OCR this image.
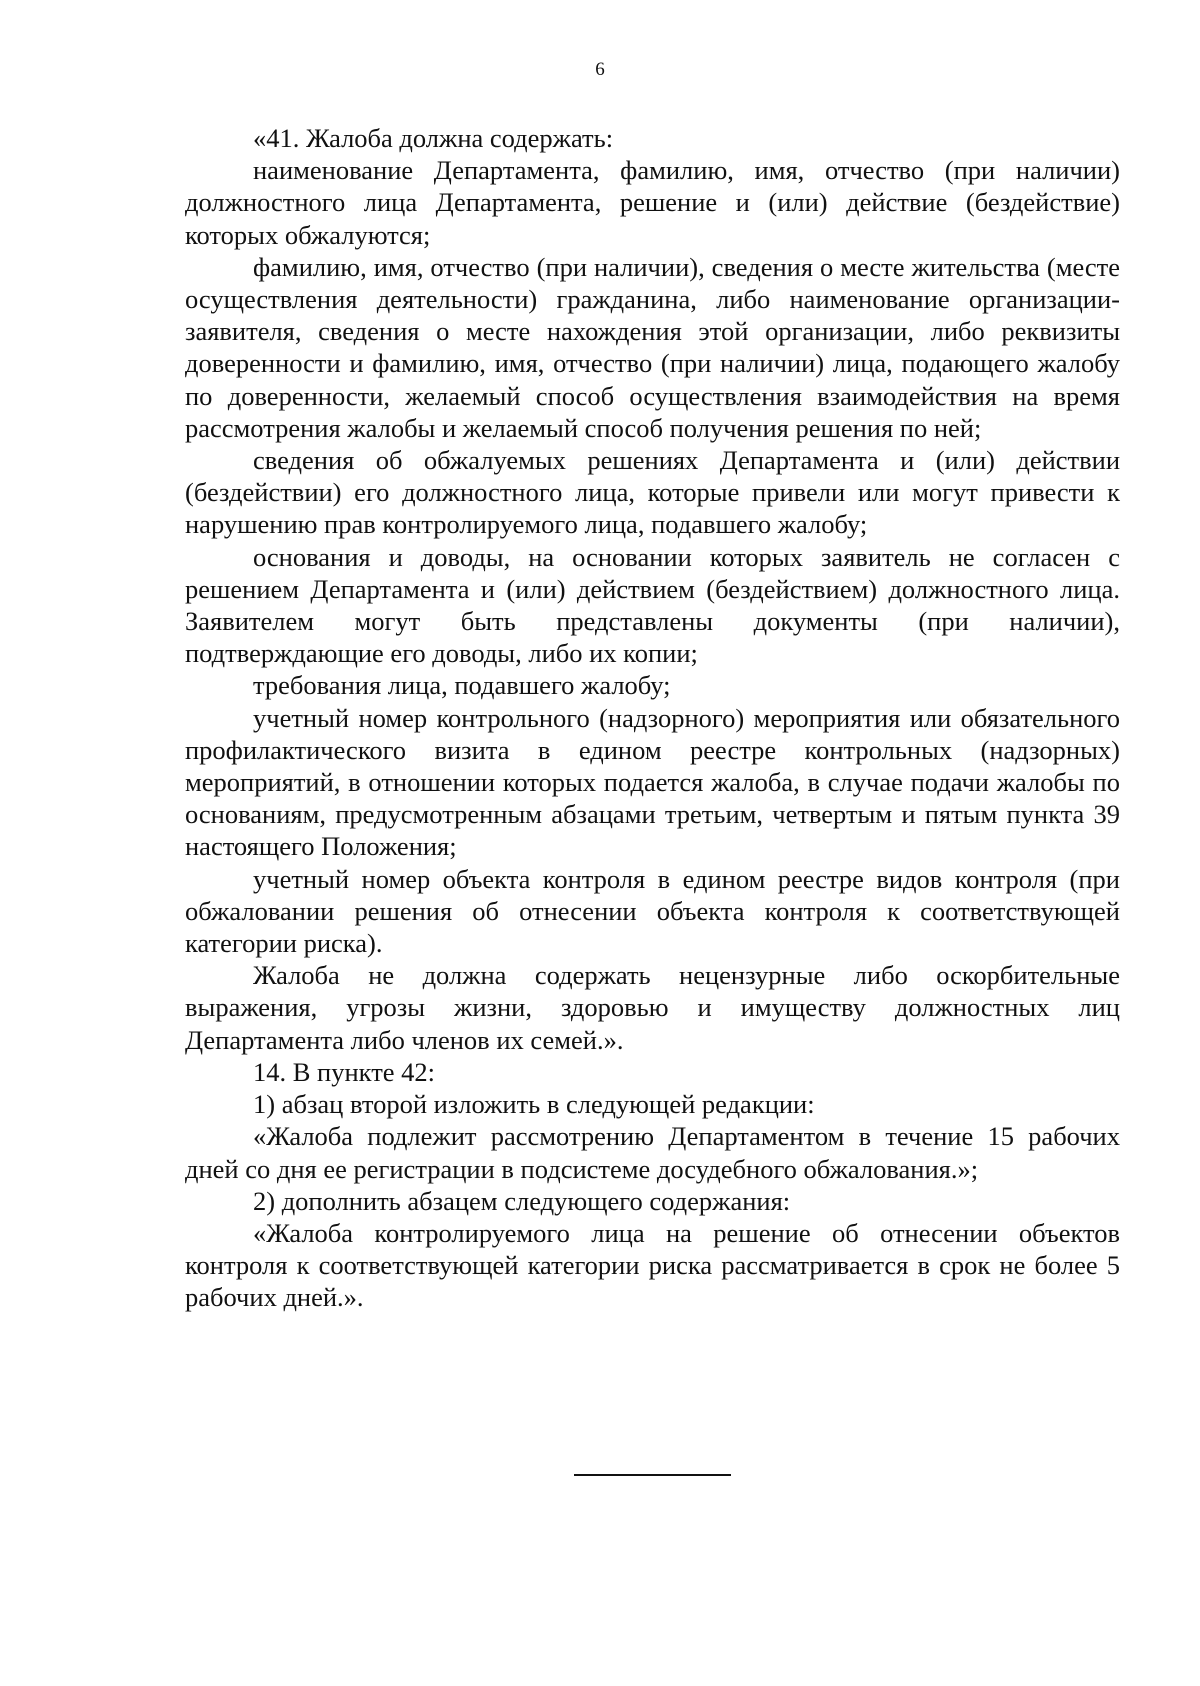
6

«41. Жалоба должна содержать:

наименование Департамента, фамилию, имя, отчество (при наличии) должностного лица Департамента, решение и (или) действие (бездействие) которых обжалуются;

фамилию, имя, отчество (при наличии), сведения о месте жительства (месте осуществления деятельности) гражданина, либо наименование организации-заявителя, сведения о месте нахождения этой организации, либо реквизиты доверенности и фамилию, имя, отчество (при наличии) лица, подающего жалобу по доверенности, желаемый способ осуществления взаимодействия на время рассмотрения жалобы и желаемый способ получения решения по ней;

сведения об обжалуемых решениях Департамента и (или) действии (бездействии) его должностного лица, которые привели или могут привести к нарушению прав контролируемого лица, подавшего жалобу;

основания и доводы, на основании которых заявитель не согласен с решением Департамента и (или) действием (бездействием) должностного лица. Заявителем могут быть представлены документы (при наличии), подтверждающие его доводы, либо их копии;

требования лица, подавшего жалобу;

учетный номер контрольного (надзорного) мероприятия или обязательного профилактического визита в едином реестре контрольных (надзорных) мероприятий, в отношении которых подается жалоба, в случае подачи жалобы по основаниям, предусмотренным абзацами третьим, четвертым и пятым пункта 39 настоящего Положения;

учетный номер объекта контроля в едином реестре видов контроля (при обжаловании решения об отнесении объекта контроля к соответствующей категории риска).

Жалоба не должна содержать нецензурные либо оскорбительные выражения, угрозы жизни, здоровью и имуществу должностных лиц Департамента либо членов их семей.».

14. В пункте 42:

1) абзац второй изложить в следующей редакции:

«Жалоба подлежит рассмотрению Департаментом в течение 15 рабочих дней со дня ее регистрации в подсистеме досудебного обжалования.»;

2) дополнить абзацем следующего содержания:

«Жалоба контролируемого лица на решение об отнесении объектов контроля к соответствующей категории риска рассматривается в срок не более 5 рабочих дней.».
